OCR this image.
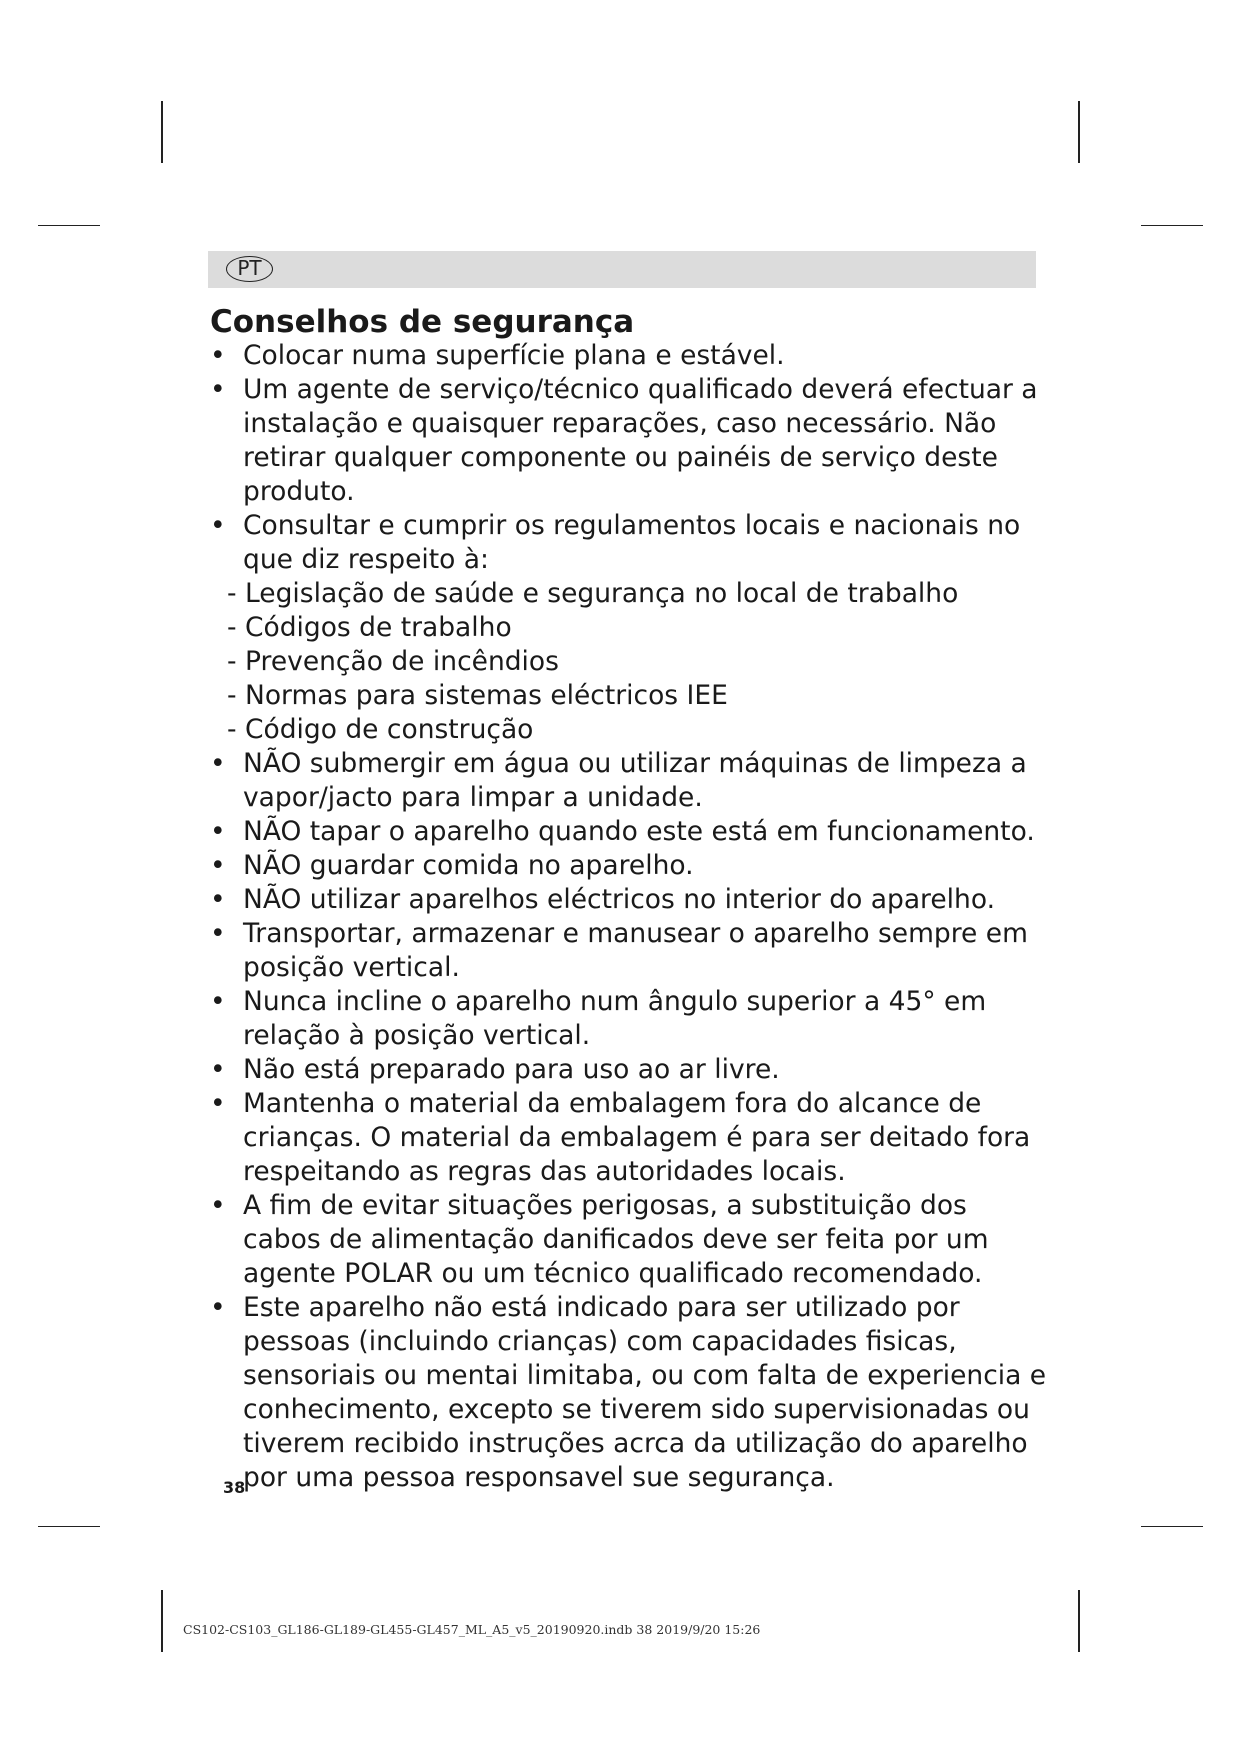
PT
Conselhos de segurança
• Colocar numa superfície plana e estável.
• Um agente de serviço/técnico qualificado deverá efectuar a instalação e quaisquer reparações, caso necessário. Não retirar qualquer componente ou painéis de serviço deste produto.
• Consultar e cumprir os regulamentos locais e nacionais no que diz respeito à:
- Legislação de saúde e segurança no local de trabalho
- Códigos de trabalho
- Prevenção de incêndios
- Normas para sistemas eléctricos IEE
- Código de construção
• NÃO submergir em água ou utilizar máquinas de limpeza a vapor/jacto para limpar a unidade.
• NÃO tapar o aparelho quando este está em funcionamento.
• NÃO guardar comida no aparelho.
• NÃO utilizar aparelhos eléctricos no interior do aparelho.
• Transportar, armazenar e manusear o aparelho sempre em posição vertical.
• Nunca incline o aparelho num ângulo superior a 45° em relação à posição vertical.
• Não está preparado para uso ao ar livre.
• Mantenha o material da embalagem fora do alcance de crianças. O material da embalagem é para ser deitado fora respeitando as regras das autoridades locais.
• A fim de evitar situações perigosas, a substituição dos cabos de alimentação danificados deve ser feita por um agente POLAR ou um técnico qualificado recomendado.
• Este aparelho não está indicado para ser utilizado por pessoas (incluindo crianças) com capacidades fisicas, sensoriais ou mentai limitaba, ou com falta de experiencia e conhecimento, excepto se tiverem sido supervisionadas ou tiverem recibido instruções acrca da utilização do aparelho por uma pessoa responsavel sue segurança.
38
CS102-CS103_GL186-GL189-GL455-GL457_ML_A5_v5_20190920.indb 38 2019/9/20 15:26
